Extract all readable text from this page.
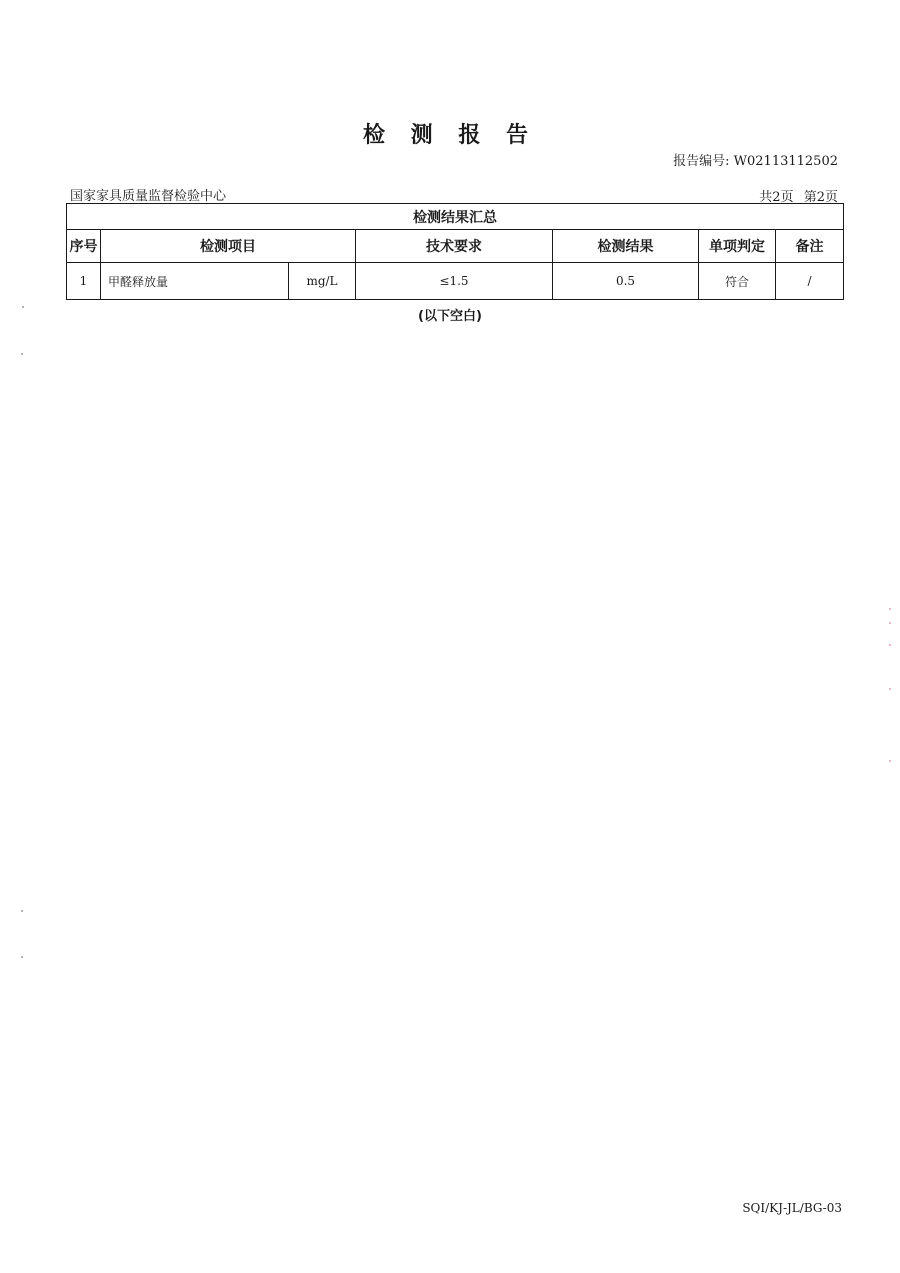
检 测 报 告
报告编号: W02113112502
国家家具质量监督检验中心	共2页 第2页
检测结果汇总						
序号	检测项目		技术要求	检测结果	单项判定	备注
1	甲醛释放量	mg/L	≤1.5	0.5	符合	/
(以下空白)
SQI/KJ-JL/BG-03
